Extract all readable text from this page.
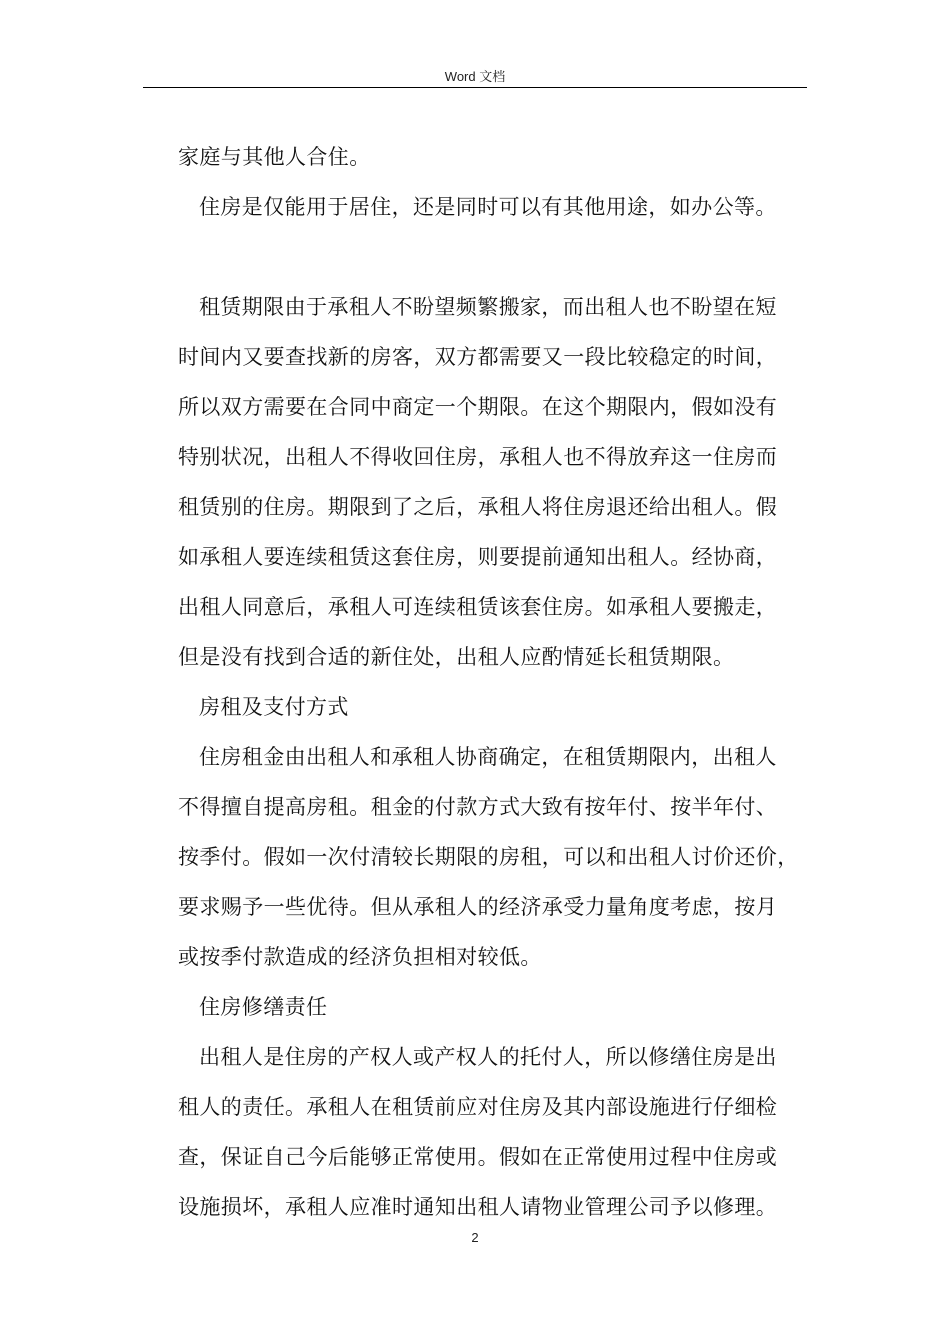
Word 文档
家庭与其他人合住。
住房是仅能用于居住，还是同时可以有其他用途，如办公等。
租赁期限由于承租人不盼望频繁搬家，而出租人也不盼望在短
时间内又要查找新的房客，双方都需要又一段比较稳定的时间，
所以双方需要在合同中商定一个期限。在这个期限内，假如没有
特别状况，出租人不得收回住房，承租人也不得放弃这一住房而
租赁别的住房。期限到了之后，承租人将住房退还给出租人。假
如承租人要连续租赁这套住房，则要提前通知出租人。经协商，
出租人同意后，承租人可连续租赁该套住房。如承租人要搬走，
但是没有找到合适的新住处，出租人应酌情延长租赁期限。
房租及支付方式
住房租金由出租人和承租人协商确定，在租赁期限内，出租人
不得擅自提高房租。租金的付款方式大致有按年付、按半年付、
按季付。假如一次付清较长期限的房租，可以和出租人讨价还价，
要求赐予一些优待。但从承租人的经济承受力量角度考虑，按月
或按季付款造成的经济负担相对较低。
住房修缮责任
出租人是住房的产权人或产权人的托付人，所以修缮住房是出
租人的责任。承租人在租赁前应对住房及其内部设施进行仔细检
查，保证自己今后能够正常使用。假如在正常使用过程中住房或
设施损坏，承租人应准时通知出租人请物业管理公司予以修理。
2
